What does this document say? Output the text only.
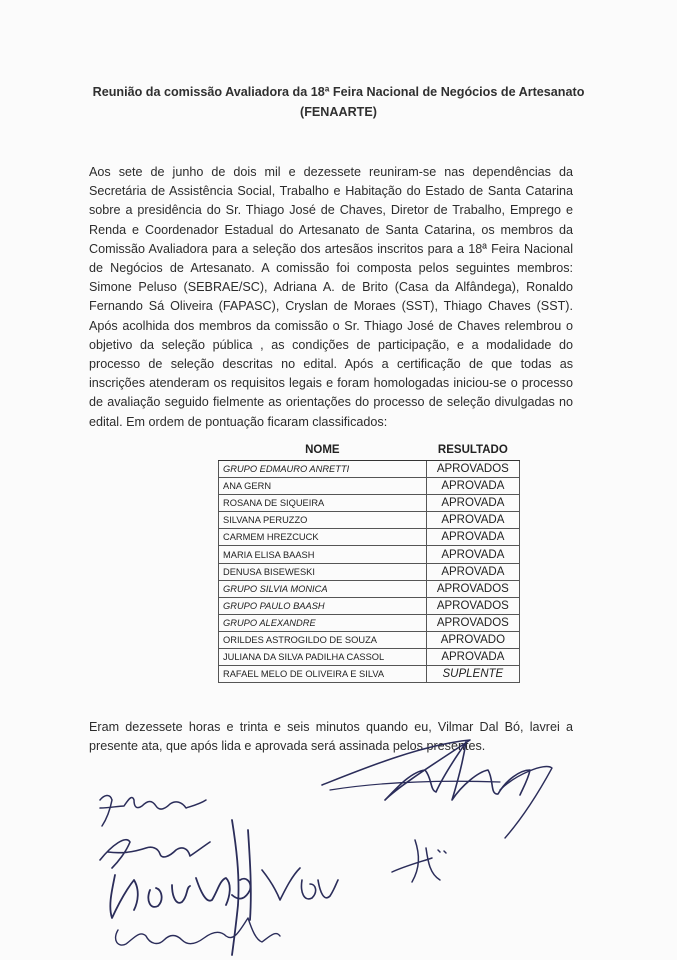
Reunião da comissão Avaliadora da 18ª Feira Nacional de Negócios de Artesanato
(FENAARTE)
Aos sete de junho de dois mil e dezessete reuniram-se nas dependências da Secretária de Assistência Social, Trabalho e Habitação do Estado de Santa Catarina sobre a presidência do Sr. Thiago José de Chaves, Diretor de Trabalho, Emprego e Renda e Coordenador Estadual do Artesanato de Santa Catarina, os membros da Comissão Avaliadora para a seleção dos artesãos inscritos para a 18ª Feira Nacional de Negócios de Artesanato. A comissão foi composta pelos seguintes membros: Simone Peluso (SEBRAE/SC), Adriana A. de Brito (Casa da Alfândega), Ronaldo Fernando Sá Oliveira (FAPASC), Cryslan de Moraes (SST), Thiago Chaves (SST). Após acolhida dos membros da comissão o Sr. Thiago José de Chaves relembrou o objetivo da seleção pública , as condições de participação, e a modalidade do processo de seleção descritas no edital. Após a certificação de que todas as inscrições atenderam os requisitos legais e foram homologadas iniciou-se o processo de avaliação seguido fielmente as orientações do processo de seleção divulgadas no edital. Em ordem de pontuação ficaram classificados:
NOME	RESULTADO
GRUPO EDMAURO ANRETTI	APROVADOS
ANA GERN	APROVADA
ROSANA DE SIQUEIRA	APROVADA
SILVANA PERUZZO	APROVADA
CARMEM HREZCUCK	APROVADA
MARIA ELISA BAASH	APROVADA
DENUSA BISEWESKI	APROVADA
GRUPO SILVIA MONICA	APROVADOS
GRUPO PAULO BAASH	APROVADOS
GRUPO ALEXANDRE	APROVADOS
ORILDES ASTROGILDO DE SOUZA	APROVADO
JULIANA DA SILVA PADILHA CASSOL	APROVADA
RAFAEL MELO DE OLIVEIRA E SILVA	SUPLENTE
Eram dezessete horas e trinta e seis minutos quando eu, Vilmar Dal Bó, lavrei a presente ata, que após lida e aprovada será assinada pelos presentes.
